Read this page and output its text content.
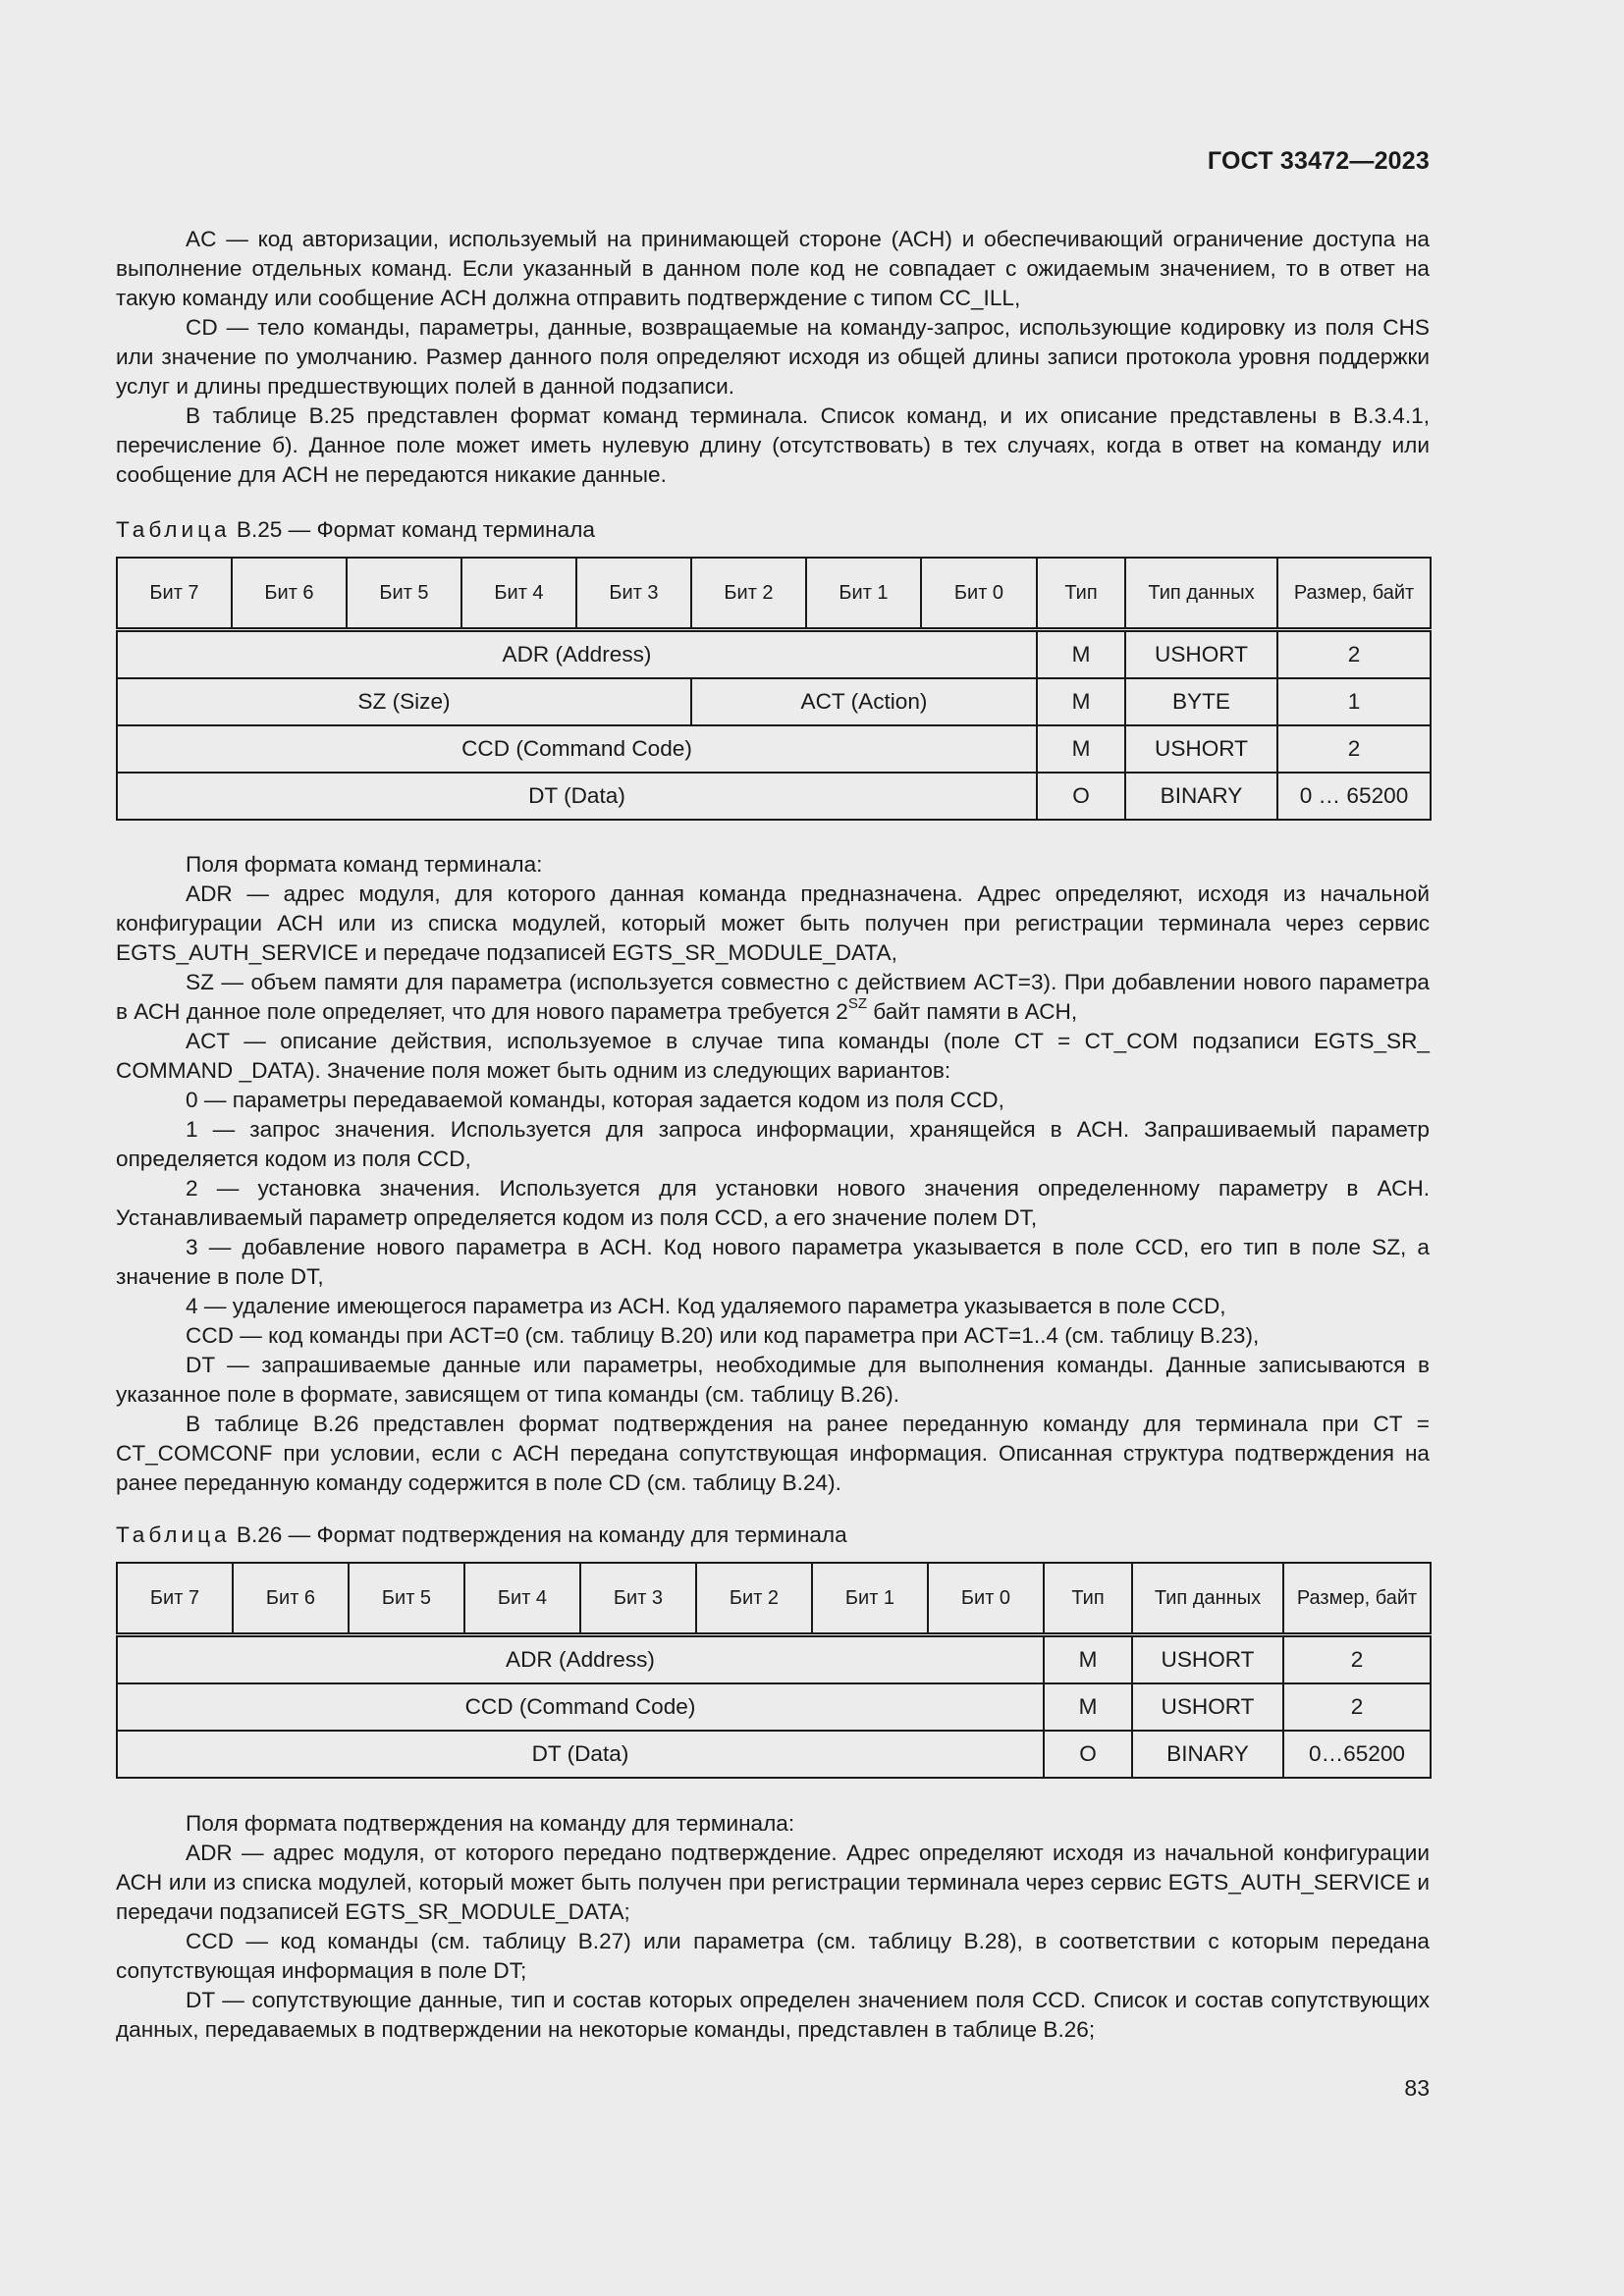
ГОСТ 33472—2023

AC — код авторизации, используемый на принимающей стороне (АСН) и обеспечивающий ограничение доступа на выполнение отдельных команд. Если указанный в данном поле код не совпадает с ожидаемым значением, то в ответ на такую команду или сообщение АСН должна отправить подтверждение с типом CC_ILL,

CD — тело команды, параметры, данные, возвращаемые на команду-запрос, использующие кодировку из поля CHS или значение по умолчанию. Размер данного поля определяют исходя из общей длины записи протокола уровня поддержки услуг и длины предшествующих полей в данной подзаписи.

В таблице В.25 представлен формат команд терминала. Список команд, и их описание представлены в В.3.4.1, перечисление б). Данное поле может иметь нулевую длину (отсутствовать) в тех случаях, когда в ответ на команду или сообщение для АСН не передаются никакие данные.

Таблица В.25 — Формат команд терминала

Бит 7	Бит 6	Бит 5	Бит 4	Бит 3	Бит 2	Бит 1	Бит 0	Тип	Тип данных	Размер, байт
ADR (Address)								M	USHORT	2
SZ (Size)					ACT (Action)			M	BYTE	1
CCD (Command Code)								M	USHORT	2
DT (Data)								O	BINARY	0 … 65200

Поля формата команд терминала:

ADR — адрес модуля, для которого данная команда предназначена. Адрес определяют, исходя из начальной конфигурации АСН или из списка модулей, который может быть получен при регистрации терминала через сервис EGTS_AUTH_SERVICE и передаче подзаписей EGTS_SR_MODULE_DATA,

SZ — объем памяти для параметра (используется совместно с действием ACT=3). При добавлении нового параметра в АСН данное поле определяет, что для нового параметра требуется $2^{SZ}$ байт памяти в АСН,

ACT — описание действия, используемое в случае типа команды (поле CT = CT_COM подзаписи EGTS_SR_ COMMAND _DATA). Значение поля может быть одним из следующих вариантов:

0 — параметры передаваемой команды, которая задается кодом из поля CCD,

1 — запрос значения. Используется для запроса информации, хранящейся в АСН. Запрашиваемый параметр определяется кодом из поля CCD,

2 — установка значения. Используется для установки нового значения определенному параметру в АСН. Устанавливаемый параметр определяется кодом из поля CCD, а его значение полем DT,

3 — добавление нового параметра в АСН. Код нового параметра указывается в поле CCD, его тип в поле SZ, а значение в поле DT,

4 — удаление имеющегося параметра из АСН. Код удаляемого параметра указывается в поле CCD,

CCD — код команды при ACT=0 (см. таблицу В.20) или код параметра при ACT=1..4 (см. таблицу В.23),

DT — запрашиваемые данные или параметры, необходимые для выполнения команды. Данные записываются в указанное поле в формате, зависящем от типа команды (см. таблицу В.26).

В таблице В.26 представлен формат подтверждения на ранее переданную команду для терминала при CT = CT_COMCONF при условии, если с АСН передана сопутствующая информация. Описанная структура подтверждения на ранее переданную команду содержится в поле CD (см. таблицу В.24).

Таблица В.26 — Формат подтверждения на команду для терминала

Бит 7	Бит 6	Бит 5	Бит 4	Бит 3	Бит 2	Бит 1	Бит 0	Тип	Тип данных	Размер, байт
ADR (Address)								M	USHORT	2
CCD (Command Code)								M	USHORT	2
DT (Data)								O	BINARY	0…65200

Поля формата подтверждения на команду для терминала:

ADR — адрес модуля, от которого передано подтверждение. Адрес определяют исходя из начальной конфигурации АСН или из списка модулей, который может быть получен при регистрации терминала через сервис EGTS_AUTH_SERVICE и передачи подзаписей EGTS_SR_MODULE_DATA;

CCD — код команды (см. таблицу В.27) или параметра (см. таблицу В.28), в соответствии с которым передана сопутствующая информация в поле DT;

DT — сопутствующие данные, тип и состав которых определен значением поля CCD. Список и состав сопутствующих данных, передаваемых в подтверждении на некоторые команды, представлен в таблице В.26;

83
